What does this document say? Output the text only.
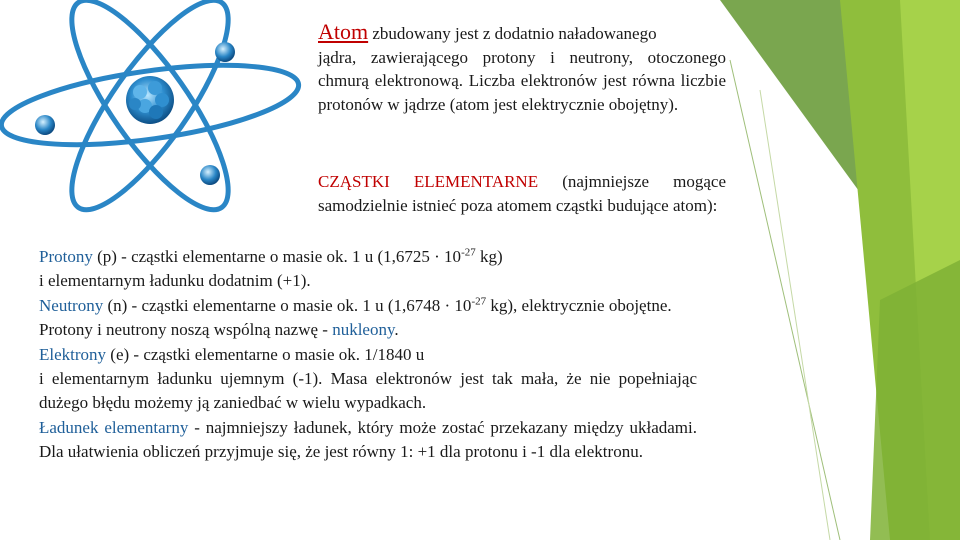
Atom zbudowany jest z dodatnio naładowanego
jądra, zawierającego protony i neutrony, otoczonego chmurą elektronową. Liczba elektronów jest równa liczbie protonów w jądrze (atom jest elektrycznie obojętny).
CZĄSTKI ELEMENTARNE (najmniejsze mogące samodzielnie istnieć poza atomem cząstki budujące atom):

Protony (p) - cząstki elementarne o masie ok. 1 u ($1,6725 \cdot 10^{-27}$ kg)

i elementarnym ładunku dodatnim (+1).

Neutrony (n) - cząstki elementarne o masie ok. 1 u ($1,6748 \cdot 10^{-27}$ kg), elektrycznie obojętne.

Protony i neutrony noszą wspólną nazwę - nukleony.

Elektrony (e) - cząstki elementarne o masie ok. 1/1840 u

i elementarnym ładunku ujemnym (-1). Masa elektronów jest tak mała, że nie popełniając dużego błędu możemy ją zaniedbać w wielu wypadkach.

Ładunek elementarny - najmniejszy ładunek, który może zostać przekazany między układami. Dla ułatwienia obliczeń przyjmuje się, że jest równy 1: +1 dla protonu i -1 dla elektronu.
